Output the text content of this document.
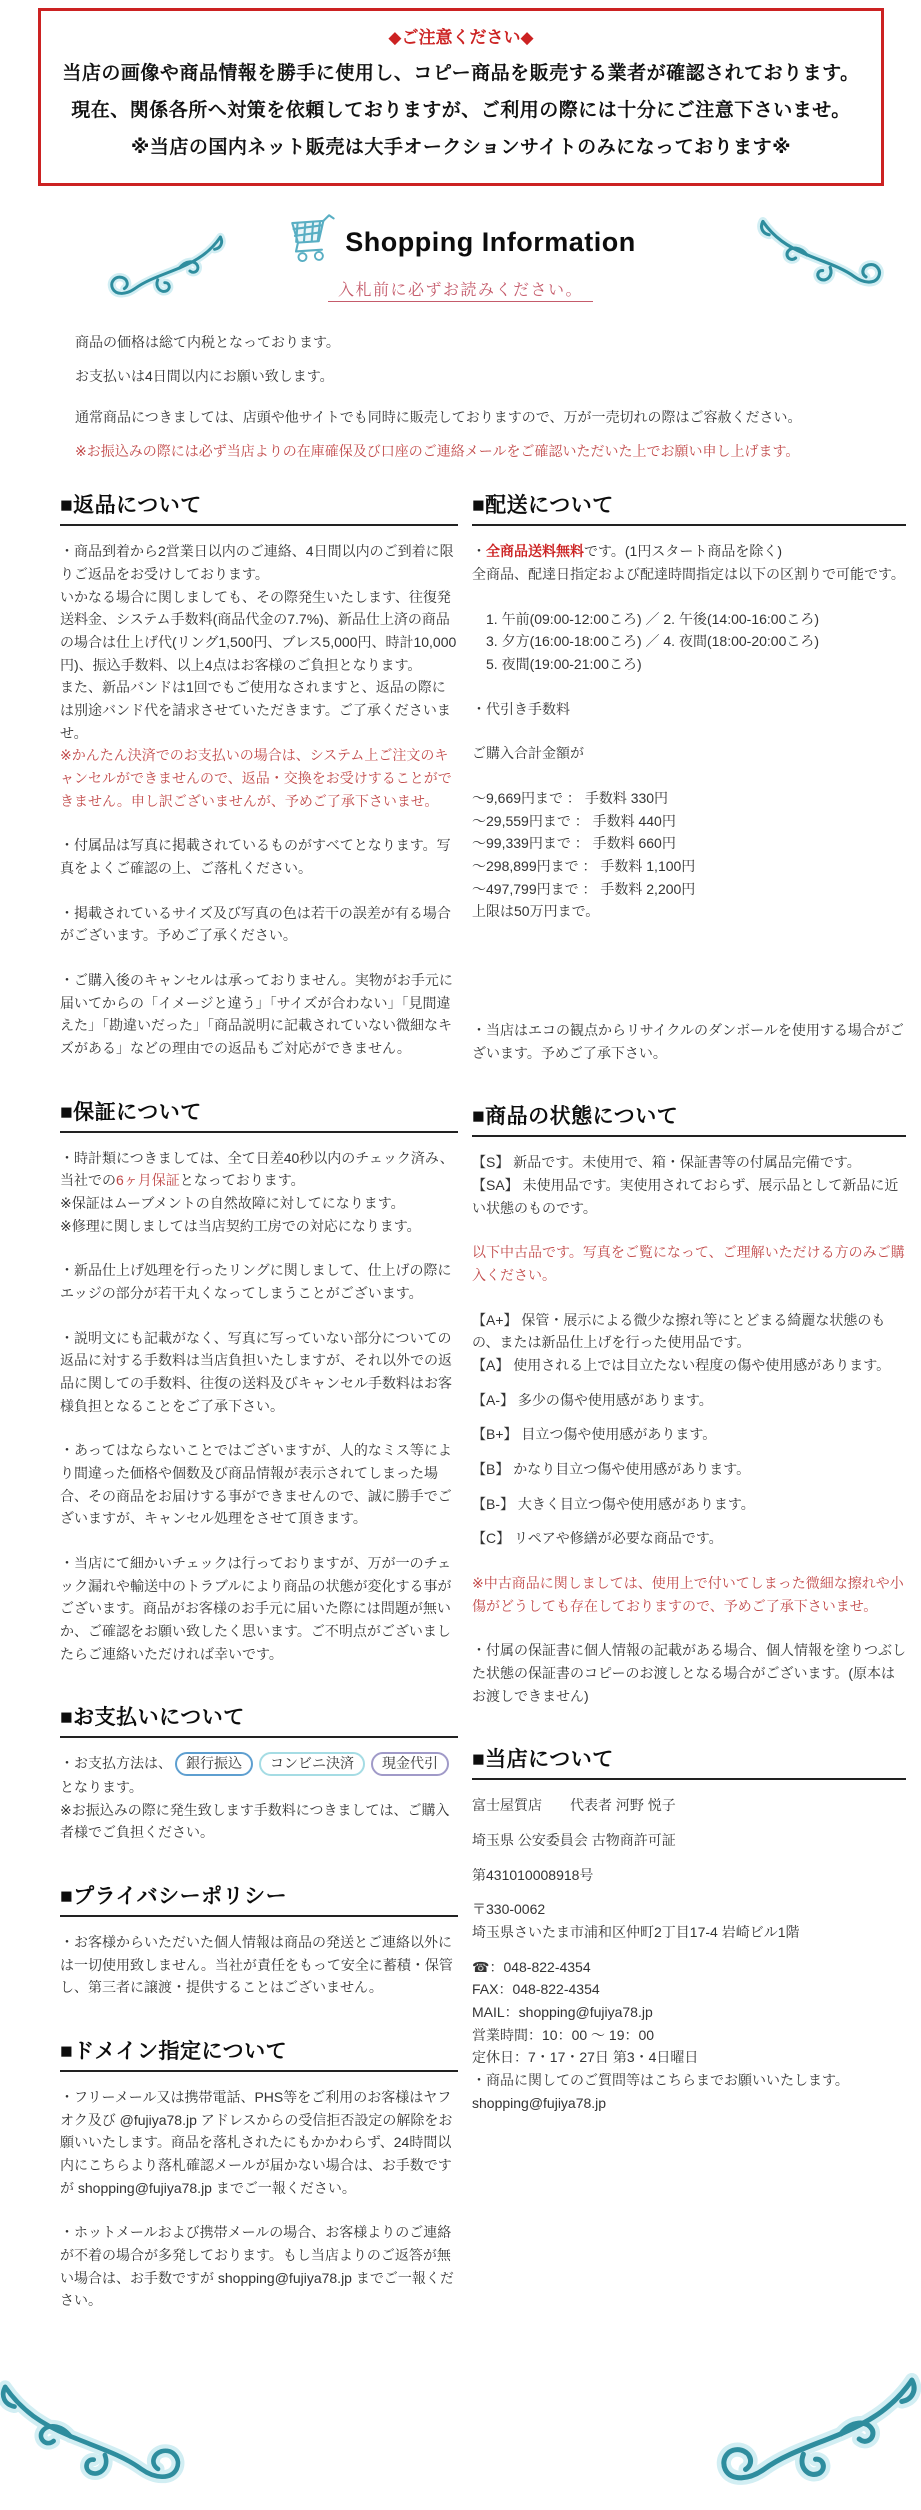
◆ご注意ください◆
当店の画像や商品情報を勝手に使用し、コピー商品を販売する業者が確認されております。
現在、関係各所へ対策を依頼しておりますが、ご利用の際には十分にご注意下さいませ。
※当店の国内ネット販売は大手オークションサイトのみになっております※
Shopping Information

入札前に必ずお読みください。

商品の価格は総て内税となっております。

お支払いは4日間以内にお願い致します。

通常商品につきましては、店頭や他サイトでも同時に販売しておりますので、万が一売切れの際はご容赦ください。

※お振込みの際には必ず当店よりの在庫確保及び口座のご連絡メールをご確認いただいた上でお願い申し上げます。

■返品について

・商品到着から2営業日以内のご連絡、4日間以内のご到着に限りご返品をお受けしております。

いかなる場合に関しましても、その際発生いたします、往復発送料金、システム手数料(商品代金の7.7%)、新品仕上済の商品の場合は仕上げ代(リング1,500円、ブレス5,000円、時計10,000円)、振込手数料、以上4点はお客様のご負担となります。

また、新品バンドは1回でもご使用なされますと、返品の際には別途バンド代を請求させていただきます。ご了承くださいませ。

※かんたん決済でのお支払いの場合は、システム上ご注文のキャンセルができませんので、返品・交換をお受けすることができません。申し訳ございませんが、予めご了承下さいませ。

・付属品は写真に掲載されているものがすべてとなります。写真をよくご確認の上、ご落札ください。

・掲載されているサイズ及び写真の色は若干の誤差が有る場合がございます。予めご了承ください。

・ご購入後のキャンセルは承っておりません。実物がお手元に届いてからの「イメージと違う」「サイズが合わない」「見間違えた」「勘違いだった」「商品説明に記載されていない微細なキズがある」などの理由での返品もご対応ができません。

■保証について

・時計類につきましては、全て日差40秒以内のチェック済み、当社での6ヶ月保証となっております。

※保証はムーブメントの自然故障に対してになります。

※修理に関しましては当店契約工房での対応になります。

・新品仕上げ処理を行ったリングに関しまして、仕上げの際にエッジの部分が若干丸くなってしまうことがございます。

・説明文にも記載がなく、写真に写っていない部分についての返品に対する手数料は当店負担いたしますが、それ以外での返品に関しての手数料、往復の送料及びキャンセル手数料はお客様負担となることをご了承下さい。

・あってはならないことではございますが、人的なミス等により間違った価格や個数及び商品情報が表示されてしまった場合、その商品をお届けする事ができませんので、誠に勝手でございますが、キャンセル処理をさせて頂きます。

・当店にて細かいチェックは行っておりますが、万が一のチェック漏れや輸送中のトラブルにより商品の状態が変化する事がございます。商品がお客様のお手元に届いた際には問題が無いか、ご確認をお願い致したく思います。ご不明点がございましたらご連絡いただければ幸いです。

■お支払いについて

・お支払方法は、 銀行振込 コンビニ決済 現金代引となります。

※お振込みの際に発生致します手数料につきましては、ご購入者様でご負担ください。

■プライバシーポリシー

・お客様からいただいた個人情報は商品の発送とご連絡以外には一切使用致しません。当社が責任をもって安全に蓄積・保管し、第三者に譲渡・提供することはございません。

■ドメイン指定について

・フリーメール又は携帯電話、PHS等をご利用のお客様はヤフオク及び @fujiya78.jp アドレスからの受信拒否設定の解除をお願いいたします。商品を落札されたにもかかわらず、24時間以内にこちらより落札確認メールが届かない場合は、お手数ですが shopping@fujiya78.jp までご一報ください。

・ホットメールおよび携帯メールの場合、お客様よりのご連絡が不着の場合が多発しております。もし当店よりのご返答が無い場合は、お手数ですが shopping@fujiya78.jp までご一報ください。

■配送について

・全商品送料無料です。(1円スタート商品を除く)

全商品、配達日指定および配達時間指定は以下の区割りで可能です。

1. 午前(09:00-12:00ころ) ／ 2. 午後(14:00-16:00ころ)

3. 夕方(16:00-18:00ころ) ／ 4. 夜間(18:00-20:00ころ)

5. 夜間(19:00-21:00ころ)

・代引き手数料

ご購入合計金額が

～9,669円まで ： 手数料 330円

～29,559円まで ： 手数料 440円

～99,339円まで ： 手数料 660円

～298,899円まで ： 手数料 1,100円

～497,799円まで ： 手数料 2,200円

上限は50万円まで。

・当店はエコの観点からリサイクルのダンボールを使用する場合がございます。予めご了承下さい。

■商品の状態について

【S】 新品です。未使用で、箱・保証書等の付属品完備です。

【SA】 未使用品です。実使用されておらず、展示品として新品に近い状態のものです。

以下中古品です。写真をご覧になって、ご理解いただける方のみご購入ください。

【A+】 保管・展示による微少な擦れ等にとどまる綺麗な状態のもの、または新品仕上げを行った使用品です。

【A】 使用される上では目立たない程度の傷や使用感があります。

【A-】 多少の傷や使用感があります。

【B+】 目立つ傷や使用感があります。

【B】 かなり目立つ傷や使用感があります。

【B-】 大きく目立つ傷や使用感があります。

【C】 リペアや修繕が必要な商品です。

※中古商品に関しましては、使用上で付いてしまった微細な擦れや小傷がどうしても存在しておりますので、予めご了承下さいませ。

・付属の保証書に個人情報の記載がある場合、個人情報を塗りつぶした状態の保証書のコピーのお渡しとなる場合がございます。(原本はお渡しできません)

■当店について

富士屋質店　　代表者 河野 悦子

埼玉県 公安委員会 古物商許可証

第431010008918号

〒330-0062

埼玉県さいたま市浦和区仲町2丁目17-4 岩崎ビル1階

☎：048-822-4354

FAX：048-822-4354

MAIL：shopping@fujiya78.jp

営業時間：10：00 ～ 19：00

定休日：7・17・27日 第3・4日曜日

・商品に関してのご質問等はこちらまでお願いいたします。shopping@fujiya78.jp
